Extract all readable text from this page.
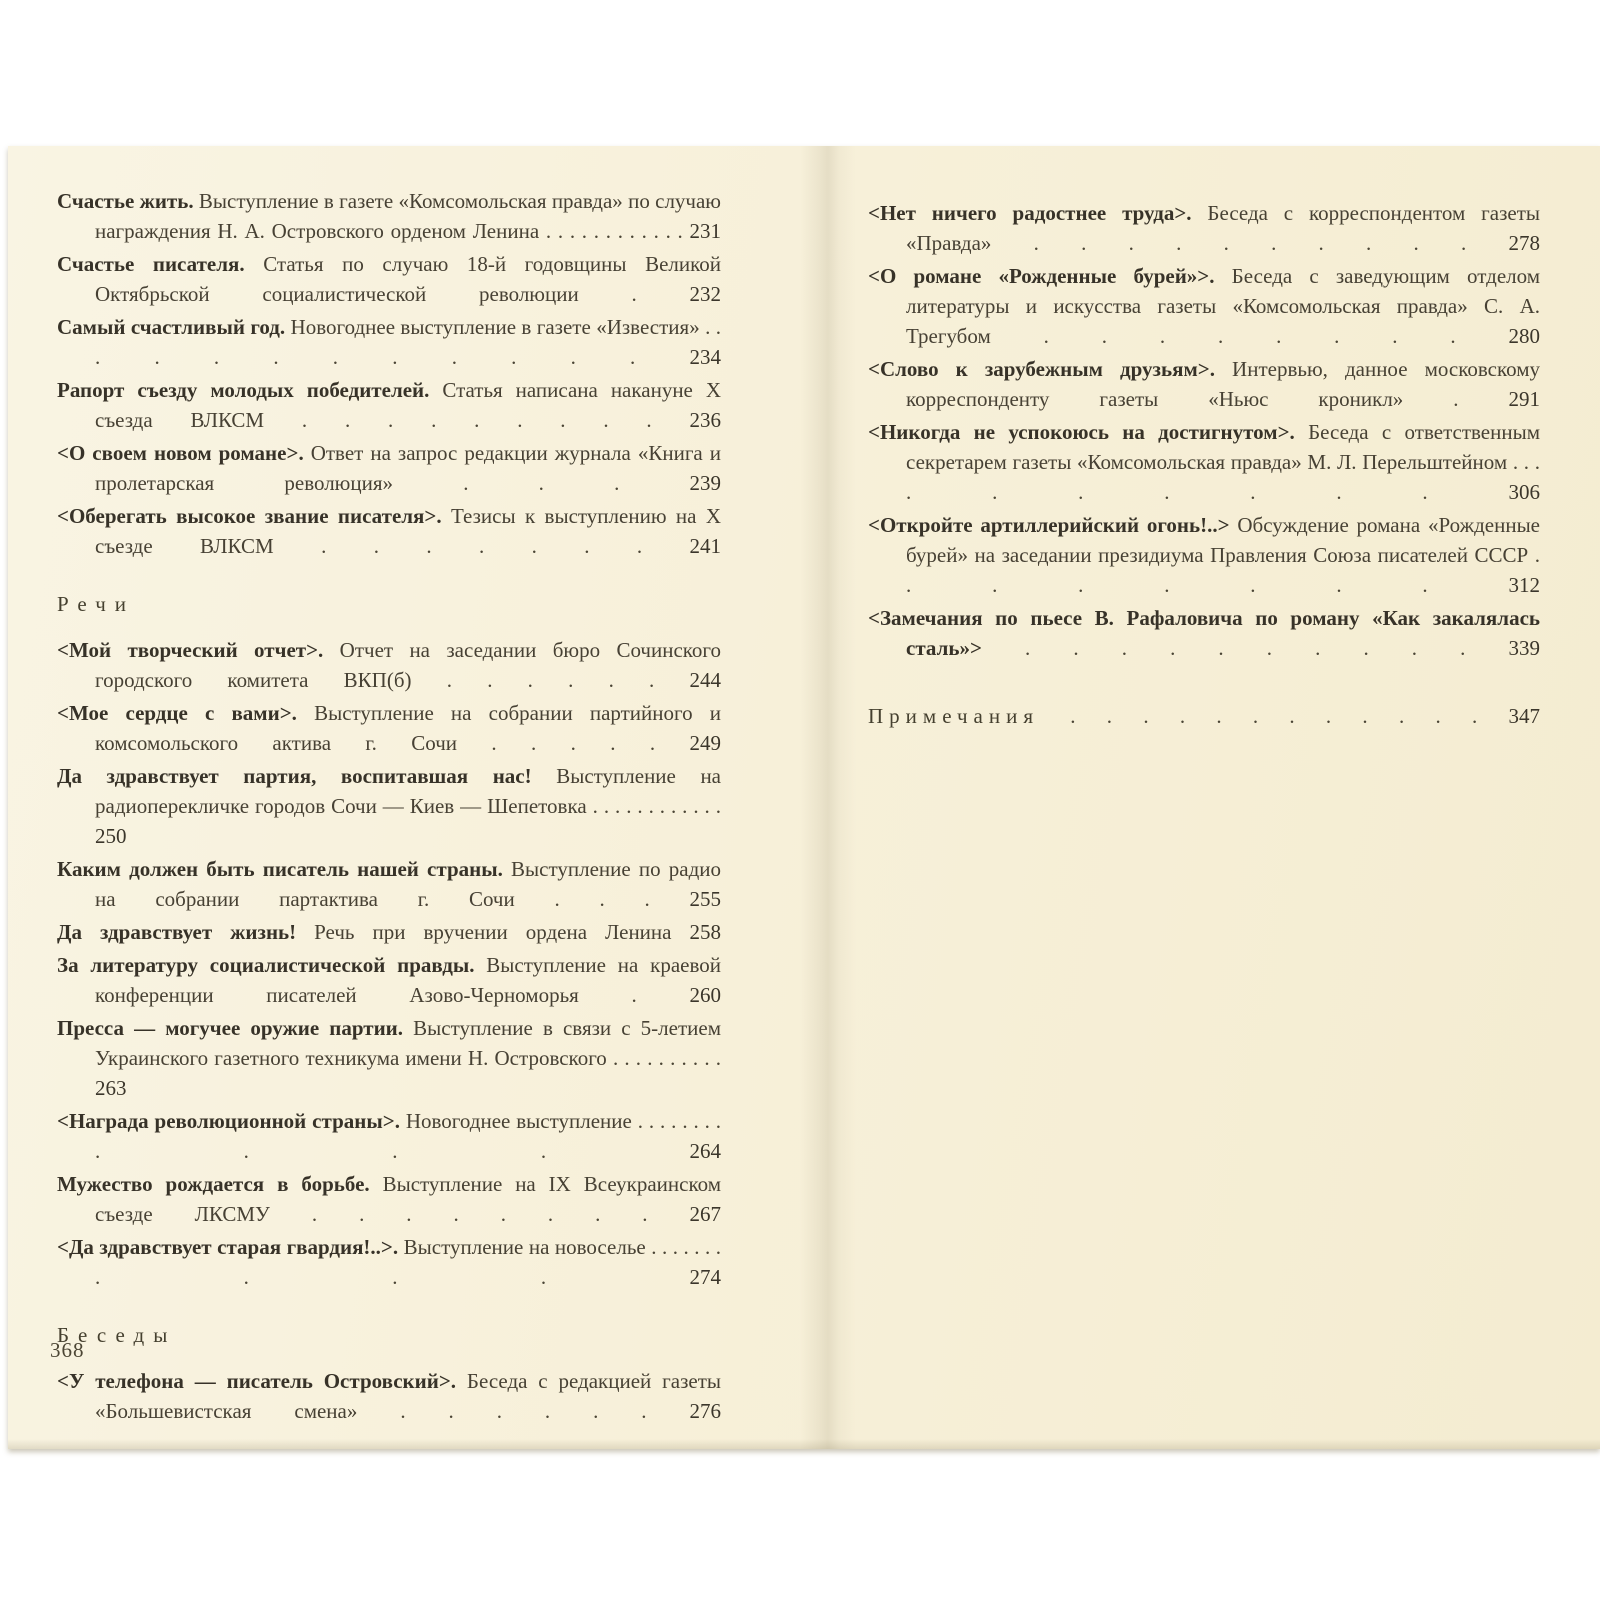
Счастье жить. Выступление в газете «Комсомольская правда» по случаю награждения Н. А. Островского орденом Ленина . . . . . . . . . . . . 231
Счастье писателя. Статья по случаю 18-й годовщины Великой Октябрьской социалистической революции . 232
Самый счастливый год. Новогоднее выступление в газете «Известия» . . . . . . . . . . . . 234
Рапорт съезду молодых победителей. Статья написана накануне X съезда ВЛКСМ . . . . . . . . . 236
<О своем новом романе>. Ответ на запрос редакции журнала «Книга и пролетарская революция» . . . 239
<Оберегать высокое звание писателя>. Тезисы к выступлению на X съезде ВЛКСМ . . . . . . . 241
Речи
<Мой творческий отчет>. Отчет на заседании бюро Сочинского городского комитета ВКП(б) . . . . . . 244
<Мое сердце с вами>. Выступление на собрании партийного и комсомольского актива г. Сочи . . . . . 249
Да здравствует партия, воспитавшая нас! Выступление на радиоперекличке городов Сочи — Киев — Шепетовка . . . . . . . . . . . . 250
Каким должен быть писатель нашей страны. Выступление по радио на собрании партактива г. Сочи . . . 255
Да здравствует жизнь! Речь при вручении ордена Ленина 258
За литературу социалистической правды. Выступление на краевой конференции писателей Азово-Черноморья . 260
Пресса — могучее оружие партии. Выступление в связи с 5-летием Украинского газетного техникума имени Н. Островского . . . . . . . . . . 263
<Награда революционной страны>. Новогоднее выступление . . . . . . . . . . . . 264
Мужество рождается в борьбе. Выступление на IX Всеукраинском съезде ЛКСМУ . . . . . . . . 267
<Да здравствует старая гвардия!..>. Выступление на новоселье . . . . . . . . . . . 274
Беседы
<У телефона — писатель Островский>. Беседа с редакцией газеты «Большевистская смена» . . . . . . 276
<Нет ничего радостнее труда>. Беседа с корреспондентом газеты «Правда» . . . . . . . . . . 278
<О романе «Рожденные бурей»>. Беседа с заведующим отделом литературы и искусства газеты «Комсомольская правда» С. А. Трегубом . . . . . . . . 280
<Слово к зарубежным друзьям>. Интервью, данное московскому корреспонденту газеты «Ньюс кроникл» . 291
<Никогда не успокоюсь на достигнутом>. Беседа с ответственным секретарем газеты «Комсомольская правда» М. Л. Перельштейном . . . . . . . . . . 306
<Откройте артиллерийский огонь!..> Обсуждение романа «Рожденные бурей» на заседании президиума Правления Союза писателей СССР . . . . . . . . 312
<Замечания по пьесе В. Рафаловича по роману «Как закалялась сталь»> . . . . . . . . . . 339
Примечания . . . . . . . . . . . . 347
368
